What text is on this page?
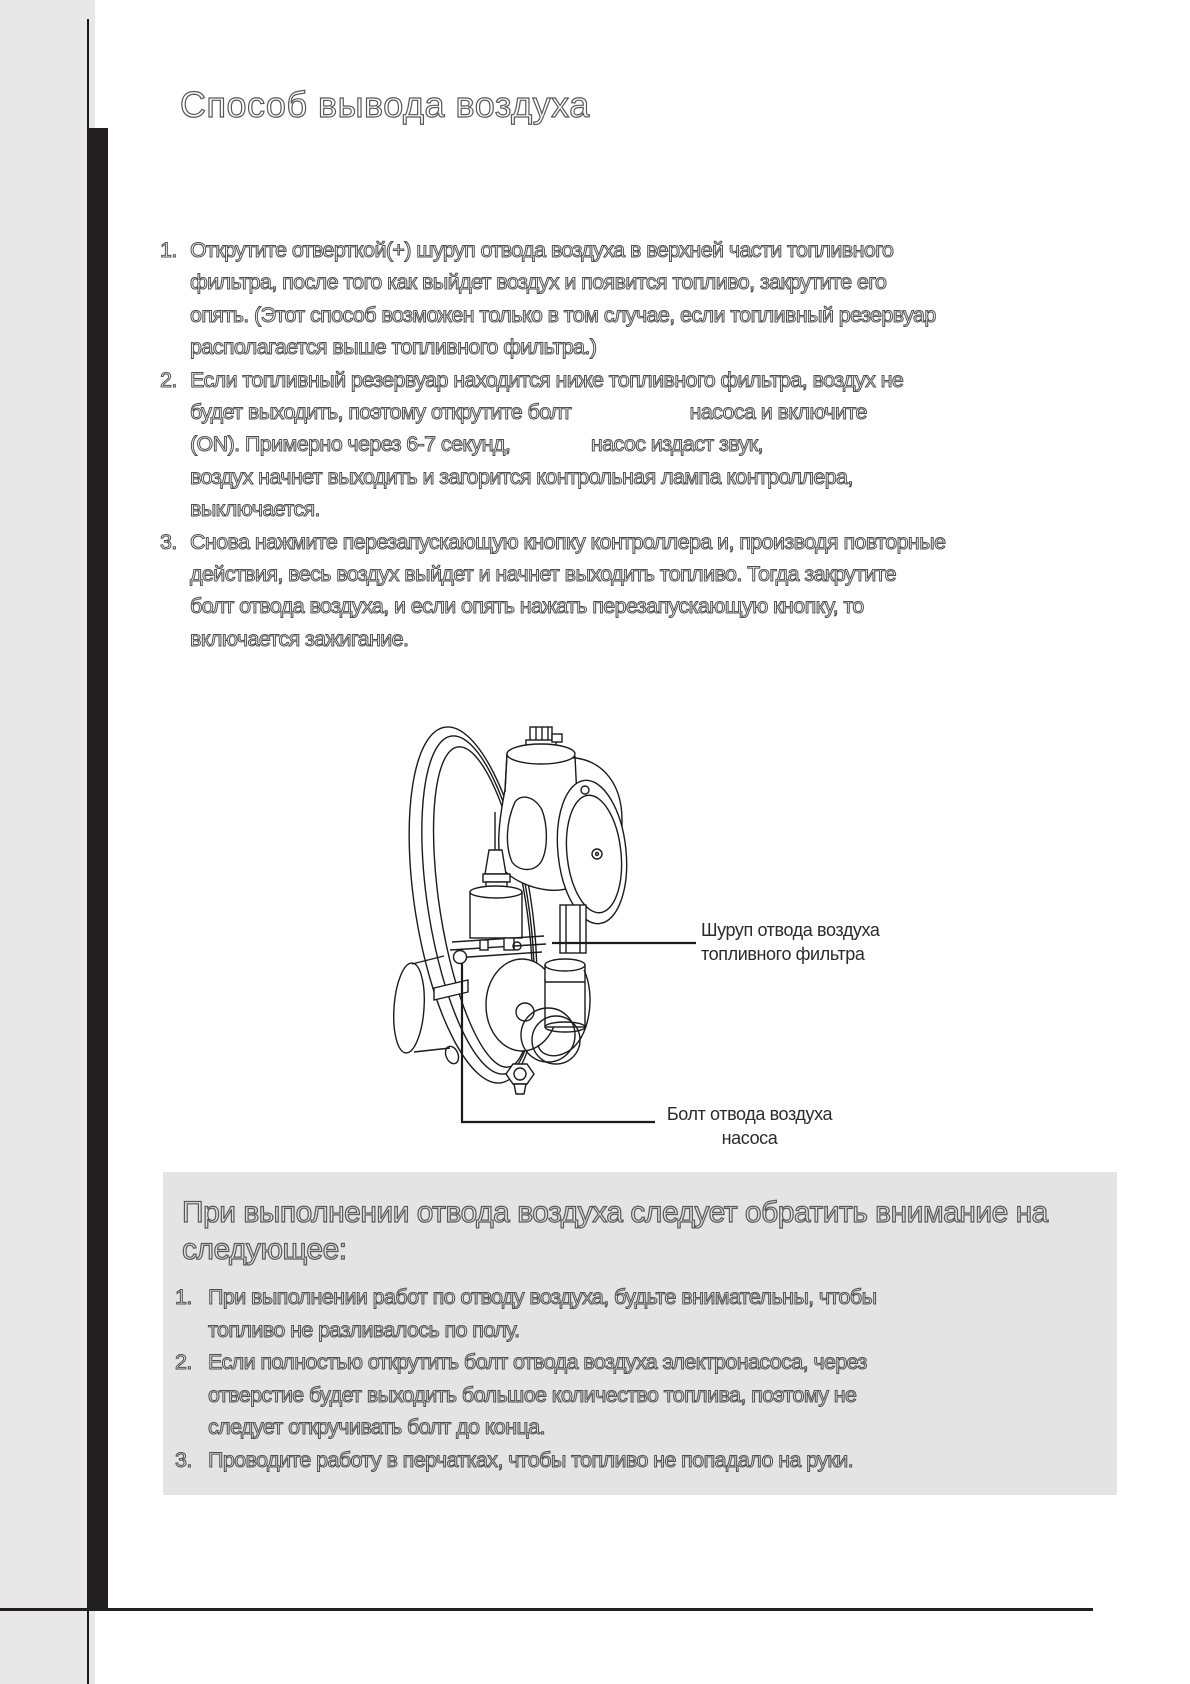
Способ вывода воздуха
1. Открутите отверткой(+) шуруп отвода воздуха в верхней части топливного
фильтра, после того как выйдет воздух и появится топливо, закрутите его
опять. (Этот способ возможен только в том случае, если топливный резервуар
располагается выше топливного фильтра.)
2. Если топливный резервуар находится ниже топливного фильтра, воздух не
будет выходить, поэтому открутите болт                      насоса и включите
(ON). Примерно через 6-7 секунд,               насос издаст звук,
воздух начнет выходить и загорится контрольная лампа контроллера,
выключается.
3. Снова нажмите перезапускающую кнопку контроллера и, производя повторные
действия, весь воздух выйдет и начнет выходить топливо. Тогда закрутите
болт отвода воздуха, и если опять нажать перезапускающую кнопку, то
включается зажигание.
Шуруп отвода воздуха
топливного фильтра
Болт отвода воздуха
насоса
При выполнении отвода воздуха следует обратить внимание на
следующее:
1. При выполнении работ по отводу воздуха, будьте внимательны, чтобы
топливо не разливалось по полу.
2. Если полностью открутить болт отвода воздуха электронасоса, через
отверстие будет выходить большое количество топлива, поэтому не
следует откручивать болт до конца.
3. Проводите работу в перчатках, чтобы топливо не попадало на руки.
